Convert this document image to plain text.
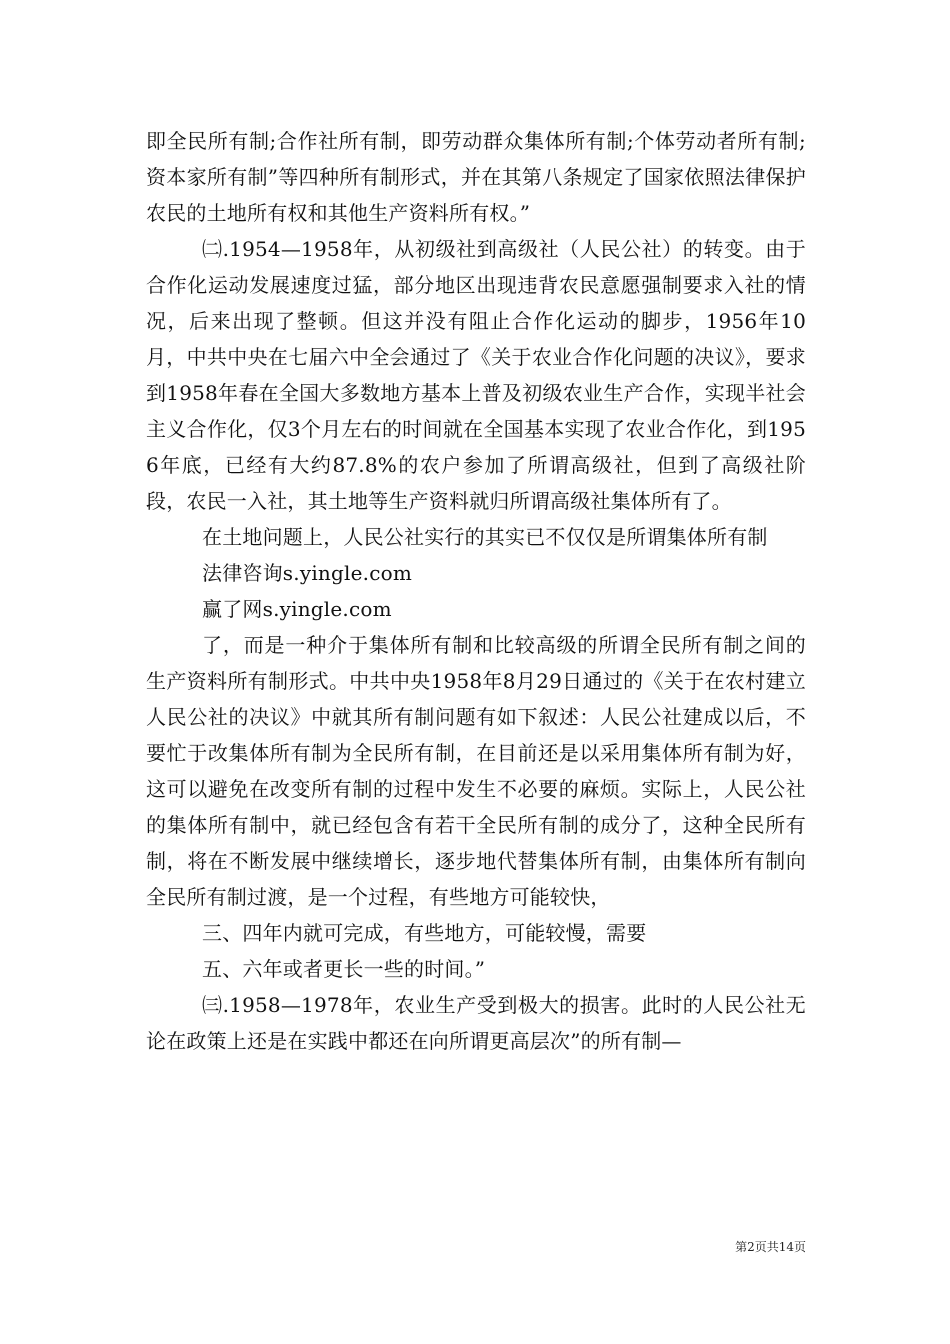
即全民所有制;合作社所有制，即劳动群众集体所有制;个体劳动者所有制;资本家所有制”等四种所有制形式，并在其第八条规定了国家依照法律保护农民的土地所有权和其他生产资料所有权。”

㈡.1954—1958年，从初级社到高级社（人民公社）的转变。由于合作化运动发展速度过猛，部分地区出现违背农民意愿强制要求入社的情况，后来出现了整顿。但这并没有阻止合作化运动的脚步，1956年10月，中共中央在七届六中全会通过了《关于农业合作化问题的决议》，要求到1958年春在全国大多数地方基本上普及初级农业生产合作，实现半社会主义合作化，仅3个月左右的时间就在全国基本实现了农业合作化，到1956年底，已经有大约87.8%的农户参加了所谓高级社，但到了高级社阶段，农民一入社，其土地等生产资料就归所谓高级社集体所有了。

在土地问题上，人民公社实行的其实已不仅仅是所谓集体所有制

法律咨询s.yingle.com

赢了网s.yingle.com

了，而是一种介于集体所有制和比较高级的所谓全民所有制之间的生产资料所有制形式。中共中央1958年8月29日通过的《关于在农村建立人民公社的决议》中就其所有制问题有如下叙述：人民公社建成以后，不要忙于改集体所有制为全民所有制，在目前还是以采用集体所有制为好，这可以避免在改变所有制的过程中发生不必要的麻烦。实际上，人民公社的集体所有制中，就已经包含有若干全民所有制的成分了，这种全民所有制，将在不断发展中继续增长，逐步地代替集体所有制，由集体所有制向全民所有制过渡，是一个过程，有些地方可能较快，

三、四年内就可完成，有些地方，可能较慢，需要

五、六年或者更长一些的时间。”

㈢.1958—1978年，农业生产受到极大的损害。此时的人民公社无论在政策上还是在实践中都还在向所谓更高层次”的所有制—

第2页共14页
